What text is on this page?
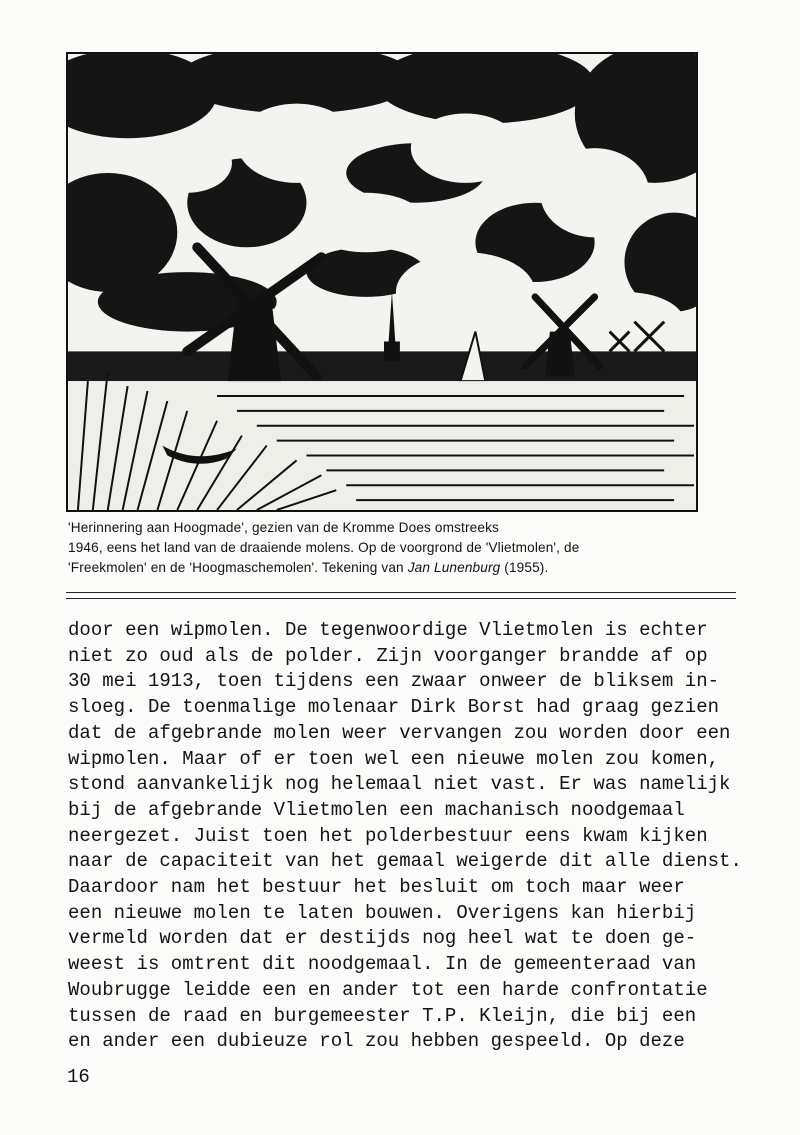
'Herinnering aan Hoogmade', gezien van de Kromme Does omstreeks
1946, eens het land van de draaiende molens. Op de voorgrond de 'Vlietmolen', de
'Freekmolen' en de 'Hoogmaschemolen'. Tekening van Jan Lunenburg (1955).
door een wipmolen. De tegenwoordige Vlietmolen is echter
niet zo oud als de polder. Zijn voorganger brandde af op
30 mei 1913, toen tijdens een zwaar onweer de bliksem in-
sloeg. De toenmalige molenaar Dirk Borst had graag gezien
dat de afgebrande molen weer vervangen zou worden door een
wipmolen. Maar of er toen wel een nieuwe molen zou komen,
stond aanvankelijk nog helemaal niet vast. Er was namelijk
bij de afgebrande Vlietmolen een machanisch noodgemaal
neergezet. Juist toen het polderbestuur eens kwam kijken
naar de capaciteit van het gemaal weigerde dit alle dienst.
Daardoor nam het bestuur het besluit om toch maar weer
een nieuwe molen te laten bouwen. Overigens kan hierbij
vermeld worden dat er destijds nog heel wat te doen ge-
weest is omtrent dit noodgemaal. In de gemeenteraad van
Woubrugge leidde een en ander tot een harde confrontatie
tussen de raad en burgemeester T.P. Kleijn, die bij een
en ander een dubieuze rol zou hebben gespeeld. Op deze
16
